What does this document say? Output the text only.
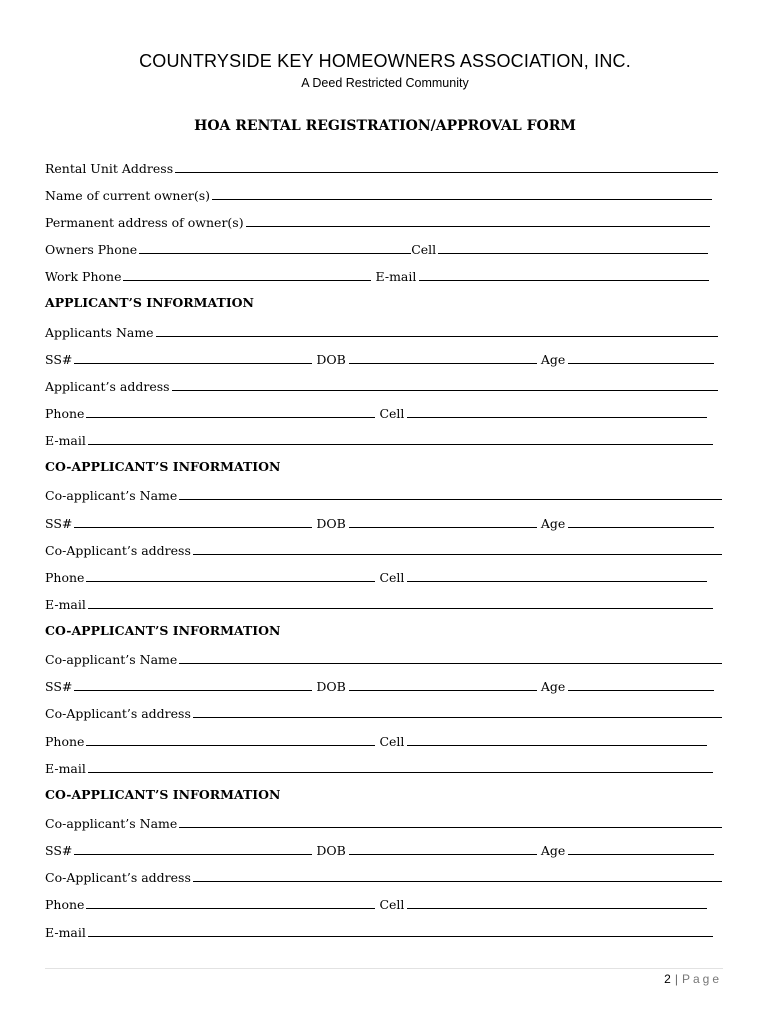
COUNTRYSIDE KEY HOMEOWNERS ASSOCIATION, INC.
A Deed Restricted Community
HOA RENTAL REGISTRATION/APPROVAL FORM
Rental Unit Address
Name of current owner(s)
Permanent address of owner(s)
Owners Phone	Cell
Work Phone	E-mail
APPLICANT’S INFORMATION
Applicants Name
SS#	DOB	Age
Applicant’s address
Phone	Cell
E-mail
CO-APPLICANT’S INFORMATION
Co-applicant’s Name
SS#	DOB	Age
Co-Applicant’s address
Phone	Cell
E-mail
CO-APPLICANT’S INFORMATION
Co-applicant’s Name
SS#	DOB	Age
Co-Applicant’s address
Phone	Cell
E-mail
CO-APPLICANT’S INFORMATION
Co-applicant’s Name
SS#	DOB	Age
Co-Applicant’s address
Phone	Cell
E-mail
2 | Page
